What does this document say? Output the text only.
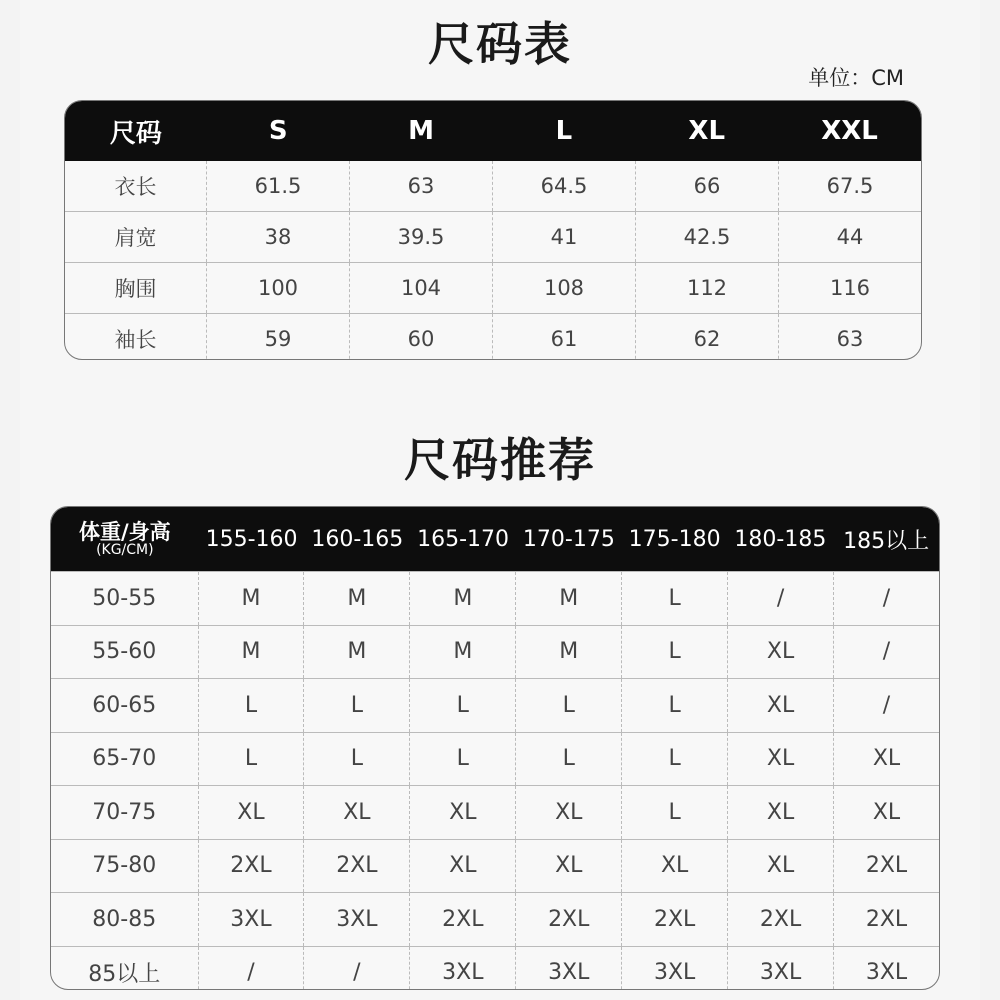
尺码表
单位：CM
尺码	S	M	L	XL	XXL
衣长	61.5	63	64.5	66	67.5
肩宽	38	39.5	41	42.5	44
胸围	100	104	108	112	116
袖长	59	60	61	62	63
尺码推荐
体重/身高
(KG/CM)	155-160 160-165 165-170 170-175 175-180 180-185 185以上
50-55	M	M	M	M	L	/	/
55-60	M	M	M	M	L	XL	/
60-65	L	L	L	L	L	XL	/
65-70	L	L	L	L	L	XL	XL
70-75	XL	XL	XL	XL	L	XL	XL
75-80	2XL	2XL	XL	XL	XL	XL	2XL
80-85	3XL	3XL	2XL	2XL	2XL	2XL	2XL
85以上	/	/	3XL	3XL	3XL	3XL	3XL
